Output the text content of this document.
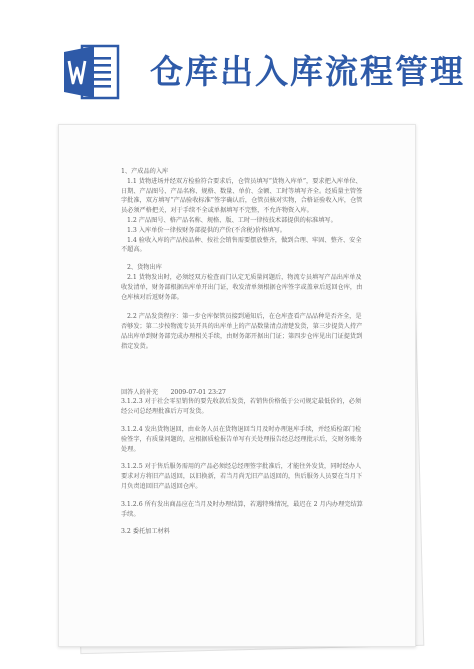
仓库出入库流程管理

1、产成品的入库

1.1 货物进场并经双方检验符合要求后，仓管员填写“货物入库单”，要求把入库单位、日期、产品图号、产品名称、规格、数量、单价、金额、工时等填写齐全。经质量主管签字批准，双方填写“产品验收标准”签字确认后，仓管员核对实物，合格证验收入库，仓管员必须严格把关，对于手续不全或单据填写不完整，不允许物资入库。

1.2 产品图号、格产品名称、规格、版、工时一律按技术部提供的标准填写。

1.3 入库单价一律按财务部提供的产价(不含税)价格填写。

1.4 验收入库的产品按品种、按社会销售需要摆放整齐，做到合理、牢固、整齐、安全不超高。

2、货物出库

2.1 货物发出时，必须经双方检查而门认定无质量问题后，物流专员填写产品出库单及收发清单，财务部根据出库单开出门证，收发清单须根据仓库签字或盖章后返回仓库，由仓库核对后返财务部。

2.2 产品发货程序：第一步仓库保管员接到通知后，在仓库查看产品品种是否齐全，是否够发；第二步按物流专员开具的出库单上的产品数量清点清楚发货，第三步提货人持产品出库单到财务部完成办理相关手续，由财务部开据出门证；第四步仓库见出门证提货到指定发货。

回答人的补充　　2009-07-01 23:27

3.1.2.3 对于社会零星销售的要先收款后发货，若销售价格低于公司规定最低价的，必须经公司总经理批准后方可发货。

3.1.2.4 发出货物退回，由业务人员在货物退回当月及时办理退库手续，并经质检部门检验签字，有质量问题的，应根据质检报告单写有关处理报告经总经理批示后，交财务账务处理。

3.1.2.5 对于售后服务需用的产品必须经总经理签字批准后，才能往外发货，同时经办人要求对方将旧产品返回，以旧换新，若当月尚无旧产品返回的，售后服务人员要在当月下月负责追回旧产品返回仓库。

3.1.2.6 所有发出商品应在当月及时办理结算，若遇特殊情况，最迟在 2 月内办理完结算手续。

3.2 委托加工材料
